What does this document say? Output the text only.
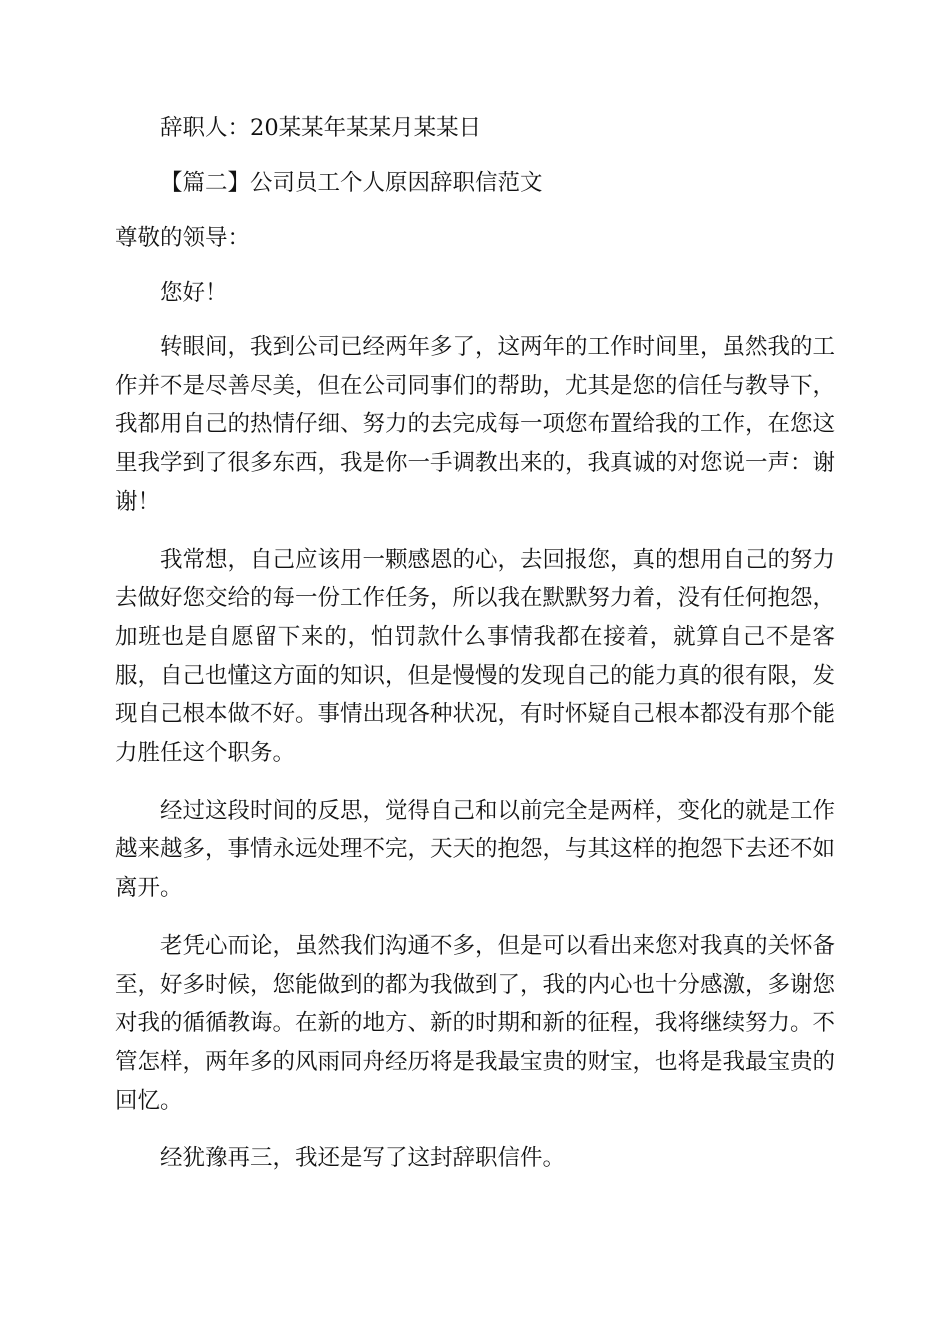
辞职人：20某某年某某月某某日

【篇二】公司员工个人原因辞职信范文

尊敬的领导：

您好！

转眼间，我到公司已经两年多了，这两年的工作时间里，虽然我的工作并不是尽善尽美，但在公司同事们的帮助，尤其是您的信任与教导下，我都用自己的热情仔细、努力的去完成每一项您布置给我的工作，在您这里我学到了很多东西，我是你一手调教出来的，我真诚的对您说一声：谢谢！

我常想，自己应该用一颗感恩的心，去回报您，真的想用自己的努力去做好您交给的每一份工作任务，所以我在默默努力着，没有任何抱怨，加班也是自愿留下来的，怕罚款什么事情我都在接着，就算自己不是客服，自己也懂这方面的知识，但是慢慢的发现自己的能力真的很有限，发现自己根本做不好。事情出现各种状况，有时怀疑自己根本都没有那个能力胜任这个职务。

经过这段时间的反思，觉得自己和以前完全是两样，变化的就是工作越来越多，事情永远处理不完，天天的抱怨，与其这样的抱怨下去还不如离开。

老凭心而论，虽然我们沟通不多，但是可以看出来您对我真的关怀备至，好多时候，您能做到的都为我做到了，我的内心也十分感激，多谢您对我的循循教诲。在新的地方、新的时期和新的征程，我将继续努力。不管怎样，两年多的风雨同舟经历将是我最宝贵的财宝，也将是我最宝贵的回忆。

经犹豫再三，我还是写了这封辞职信件。
